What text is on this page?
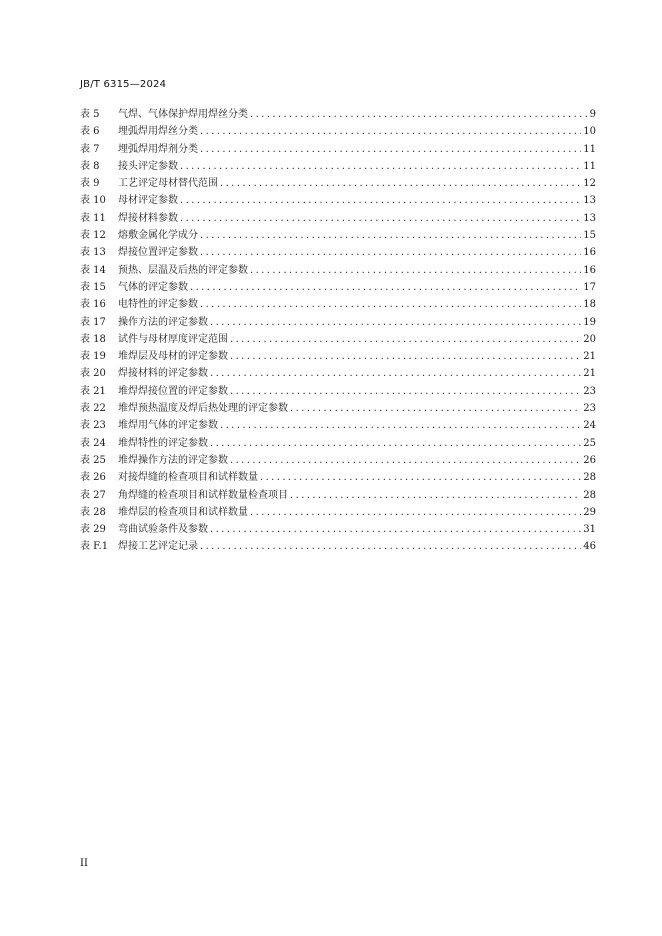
JB/T 6315—2024
表 5	气焊、气体保护焊用焊丝分类 .....	9
表 6	埋弧焊用焊丝分类 .....	10
表 7	埋弧焊用焊剂分类 .....	11
表 8	接头评定参数 .....	11
表 9	工艺评定母材替代范围 .....	12
表 10	母材评定参数 .....	13
表 11	焊接材料参数 .....	13
表 12	熔敷金属化学成分 .....	15
表 13	焊接位置评定参数 .....	16
表 14	预热、层温及后热的评定参数 .....	16
表 15	气体的评定参数 .....	17
表 16	电特性的评定参数 .....	18
表 17	操作方法的评定参数 .....	19
表 18	试件与母材厚度评定范围 .....	20
表 19	堆焊层及母材的评定参数 .....	21
表 20	焊接材料的评定参数 .....	21
表 21	堆焊焊接位置的评定参数 .....	23
表 22	堆焊预热温度及焊后热处理的评定参数 .....	23
表 23	堆焊用气体的评定参数 .....	24
表 24	堆焊特性的评定参数 .....	25
表 25	堆焊操作方法的评定参数 .....	26
表 26	对接焊缝的检查项目和试样数量 .....	28
表 27	角焊缝的检查项目和试样数量检查项目 .....	28
表 28	堆焊层的检查项目和试样数量 .....	29
表 29	弯曲试验条件及参数 .....	31
表 F.1 焊接工艺评定记录 .....	46
II
